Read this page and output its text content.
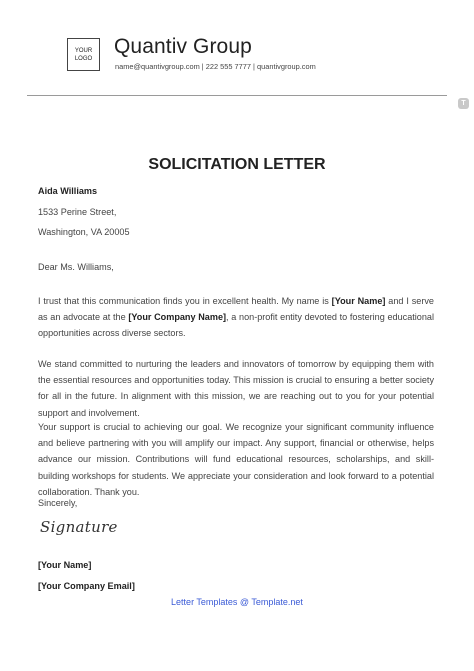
YOUR LOGO
Quantiv Group
name@quantivgroup.com | 222 555 7777 | quantivgroup.com
T
SOLICITATION LETTER
Aida Williams
1533 Perine Street,
Washington, VA 20005
Dear Ms. Williams,
I trust that this communication finds you in excellent health. My name is [Your Name] and I serve as an advocate at the [Your Company Name], a non-profit entity devoted to fostering educational opportunities across diverse sectors.
We stand committed to nurturing the leaders and innovators of tomorrow by equipping them with the essential resources and opportunities today. This mission is crucial to ensuring a better society for all in the future. In alignment with this mission, we are reaching out to you for your potential support and involvement.
Your support is crucial to achieving our goal. We recognize your significant community influence and believe partnering with you will amplify our impact. Any support, financial or otherwise, helps advance our mission. Contributions will fund educational resources, scholarships, and skill-building workshops for students. We appreciate your consideration and look forward to a potential collaboration. Thank you.
Sincerely,
Signature
[Your Name]
[Your Company Email]
Letter Templates @ Template.net
